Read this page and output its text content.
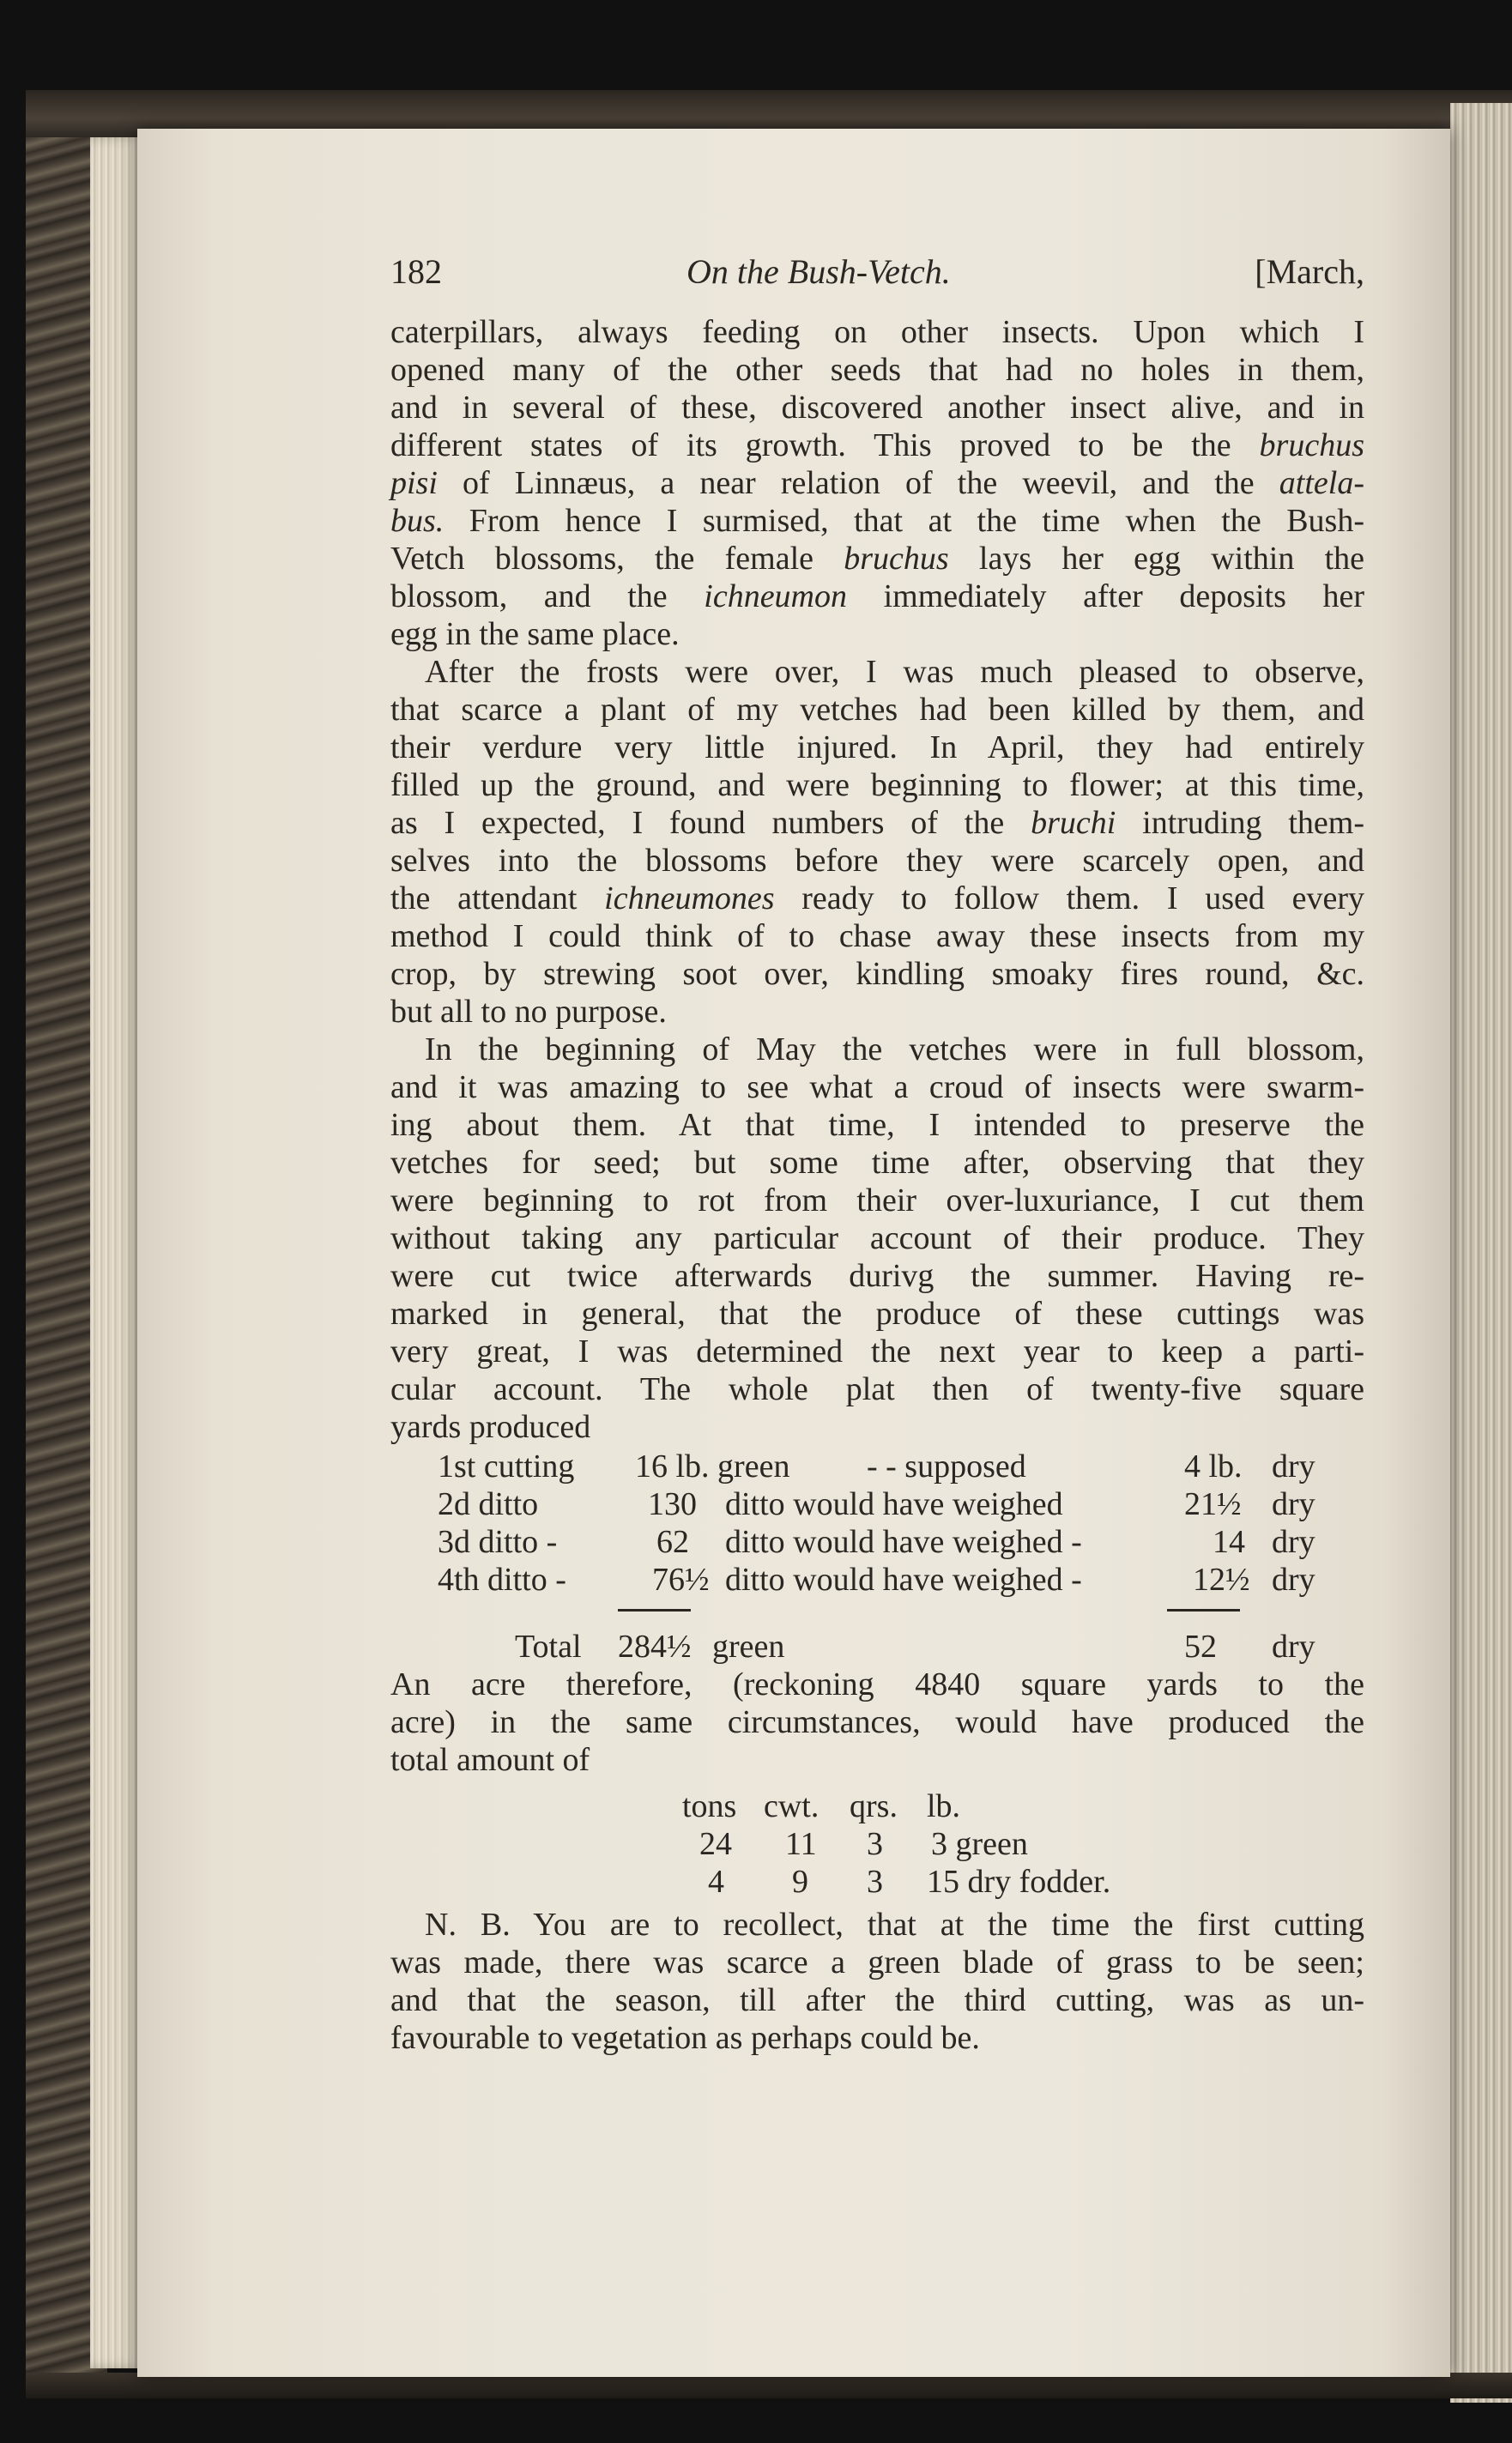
182	On the Bush-Vetch.	[March,
caterpillars, always feeding on other insects. Upon which I
opened many of the other seeds that had no holes in them,
and in several of these, discovered another insect alive, and in
different states of its growth. This proved to be the bruchus
pisi of Linnæus, a near relation of the weevil, and the attela-
bus. From hence I surmised, that at the time when the Bush-
Vetch blossoms, the female bruchus lays her egg within the
blossom, and the ichneumon immediately after deposits her
egg in the same place.
After the frosts were over, I was much pleased to observe,
that scarce a plant of my vetches had been killed by them, and
their verdure very little injured. In April, they had entirely
filled up the ground, and were beginning to flower; at this time,
as I expected, I found numbers of the bruchi intruding them-
selves into the blossoms before they were scarcely open, and
the attendant ichneumones ready to follow them. I used every
method I could think of to chase away these insects from my
crop, by strewing soot over, kindling smoaky fires round, &c.
but all to no purpose.
In the beginning of May the vetches were in full blossom,
and it was amazing to see what a croud of insects were swarm-
ing about them. At that time, I intended to preserve the
vetches for seed; but some time after, observing that they
were beginning to rot from their over-luxuriance, I cut them
without taking any particular account of their produce. They
were cut twice afterwards durivg the summer. Having re-
marked in general, that the produce of these cuttings was
very great, I was determined the next year to keep a parti-
cular account. The whole plat then of twenty-five square
yards produced
1st cutting 16 lb. green - - supposed	4 lb. dry
2d ditto	130 ditto would have weighed	21½ dry
3d ditto -	62 ditto would have weighed -	14 dry
4th ditto -	76½ ditto would have weighed -	12½ dry
Total 284½ green	52 dry
An acre therefore, (reckoning 4840 square yards to the
acre) in the same circumstances, would have produced the
total amount of
tons cwt. qrs. lb.
24 11 3 3 green
4 9 3 15 dry fodder.
N. B. You are to recollect, that at the time the first cutting
was made, there was scarce a green blade of grass to be seen;
and that the season, till after the third cutting, was as un-
favourable to vegetation as perhaps could be.
